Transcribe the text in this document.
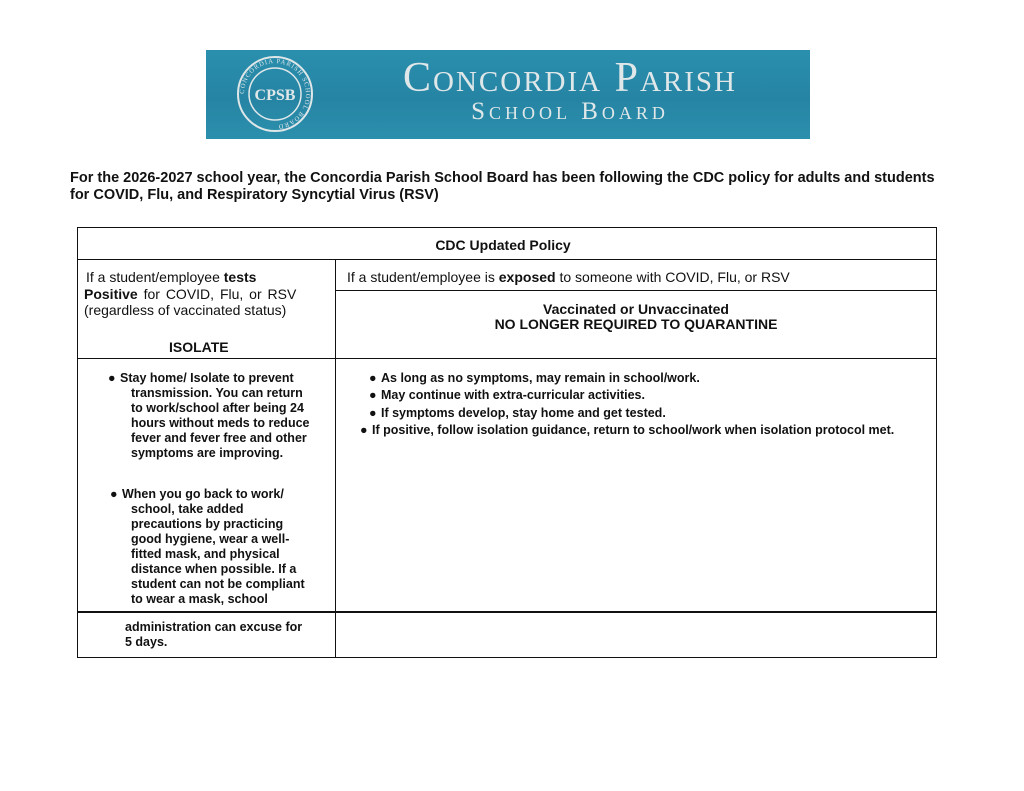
CPSB
CONCORDIA PARISH SCHOOL BOARD
Concordia Parish
School Board
For the 2026-2027 school year, the Concordia Parish School Board has been following the CDC policy for adults and students for COVID, Flu, and Respiratory Syncytial Virus (RSV)
CDC Updated Policy
If a student/employee tests
Positive for COVID, Flu, or RSV
(regardless of vaccinated status)
ISOLATE
If a student/employee is exposed to someone with COVID, Flu, or RSV
Vaccinated or Unvaccinated
NO LONGER REQUIRED TO QUARANTINE
● Stay home/ Isolate to prevent
transmission. You can return
to work/school after being 24
hours without meds to reduce
fever and fever free and other
symptoms are improving.
● When you go back to work/
school, take added
precautions by practicing
good hygiene, wear a well-
fitted mask, and physical
distance when possible. If a
student can not be compliant
to wear a mask, school
administration can excuse for
5 days.
● As long as no symptoms, may remain in school/work.
● May continue with extra-curricular activities.
● If symptoms develop, stay home and get tested.
● If positive, follow isolation guidance, return to school/work when isolation protocol met.
